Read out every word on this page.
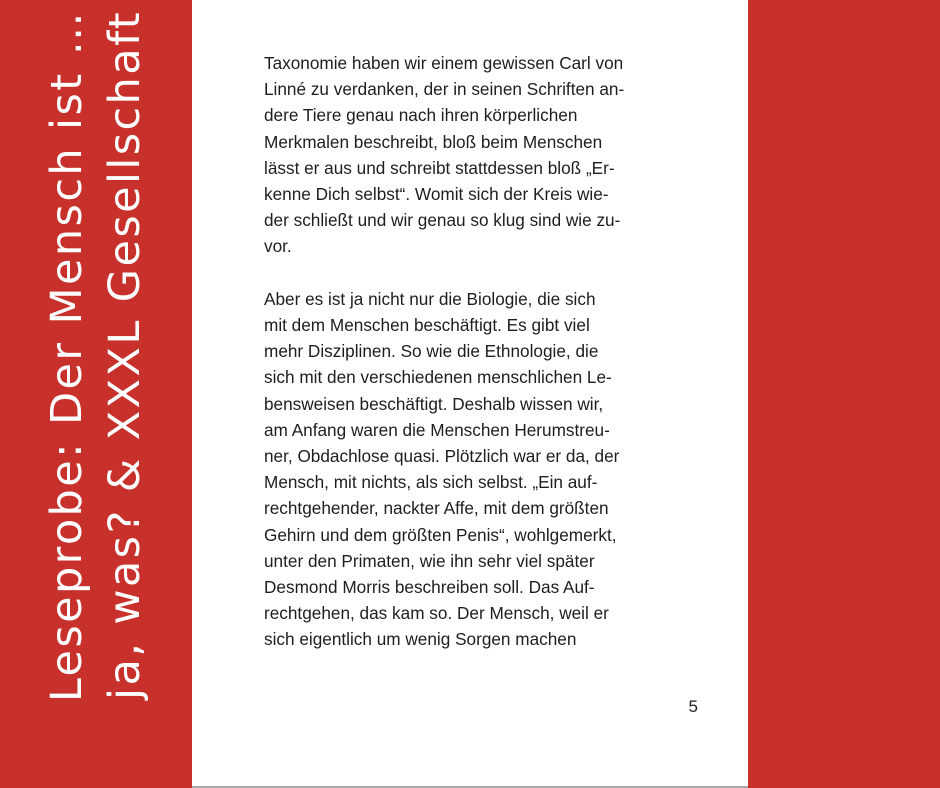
Leseprobe: Der Mensch ist … ja, was? & XXXL Gesellschaft	Taxonomie haben wir einem gewissen Carl von
Linné zu verdanken, der in seinen Schriften an-
dere Tiere genau nach ihren körperlichen
Merkmalen beschreibt, bloß beim Menschen
lässt er aus und schreibt stattdessen bloß „Er-
kenne Dich selbst“. Womit sich der Kreis wie-
der schließt und wir genau so klug sind wie zu-
vor.
Aber es ist ja nicht nur die Biologie, die sich
mit dem Menschen beschäftigt. Es gibt viel
mehr Disziplinen. So wie die Ethnologie, die
sich mit den verschiedenen menschlichen Le-
bensweisen beschäftigt. Deshalb wissen wir,
am Anfang waren die Menschen Herumstreu-
ner, Obdachlose quasi. Plötzlich war er da, der
Mensch, mit nichts, als sich selbst. „Ein auf-
rechtgehender, nackter Affe, mit dem größten
Gehirn und dem größten Penis“, wohlgemerkt,
unter den Primaten, wie ihn sehr viel später
Desmond Morris beschreiben soll. Das Auf-
rechtgehen, das kam so. Der Mensch, weil er
sich eigentlich um wenig Sorgen machen
5
